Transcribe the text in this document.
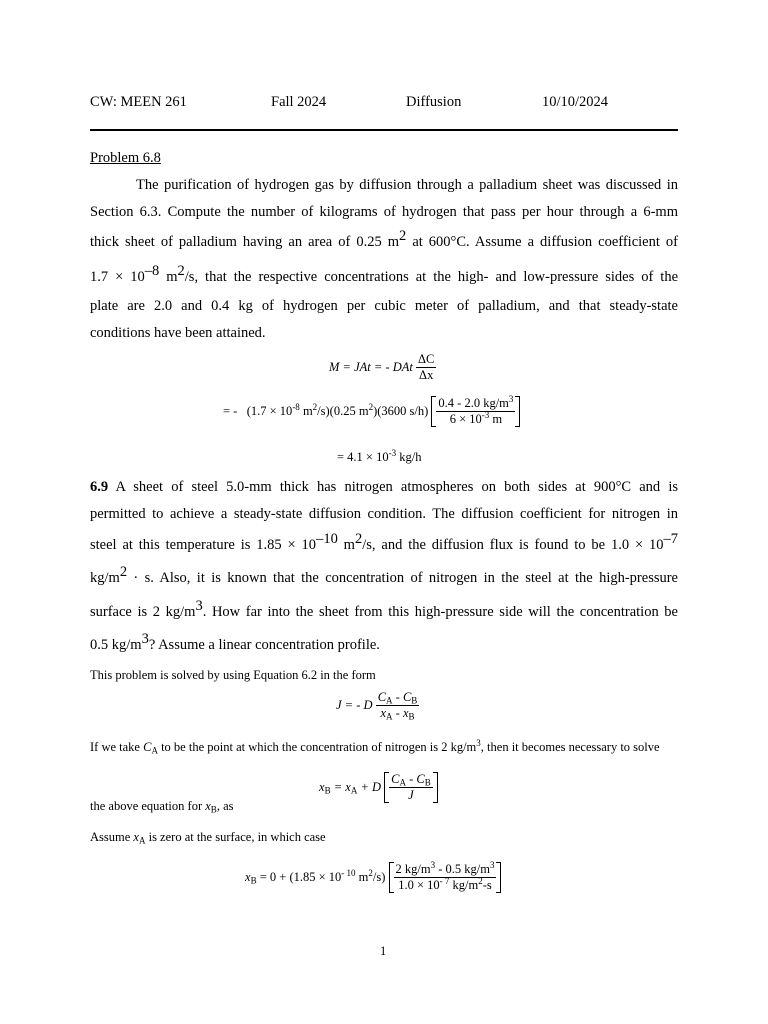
CW: MEEN 261	Fall 2024	Diffusion	10/10/2024
Problem 6.8
The purification of hydrogen gas by diffusion through a palladium sheet was discussed in
Section 6.3. Compute the number of kilograms of hydrogen that pass per hour through a 6-mm
thick sheet of palladium having an area of 0.25 $m^2$ at 600°C. Assume a diffusion coefficient of
$1.7 \times 10^{-8}$ $m^2/s$, that the respective concentrations at the high- and low-pressure sides of the
plate are 2.0 and 0.4 kg of hydrogen per cubic meter of palladium, and that steady-state
conditions have been attained.
M = JAt = - DAt $\frac{\Delta C}{\Delta x}$
= - ($1.7 \times 10^{-8}$ $m^2/s)(0.25$ $m^2)(3600$ $s/h) \frac{0.4 - 2.0 kg/m^3}{6 \times 10^{-3} m}$
= $4.1 \times 10^{-3}$ kg/h
6.9 A sheet of steel 5.0-mm thick has nitrogen atmospheres on both sides at 900°C and is
permitted to achieve a steady-state diffusion condition. The diffusion coefficient for nitrogen in
steel at this temperature is $1.85 \times 10^{-10}$ $m^2/s$, and the diffusion flux is found to be $1.0 \times 10^{-7}$
$kg/m^2 \cdot s$. Also, it is known that the concentration of nitrogen in the steel at the high-pressure
surface is 2 $kg/m^3$. How far into the sheet from this high-pressure side will the concentration be
0.5 $kg/m^3$? Assume a linear concentration profile.
This problem is solved by using Equation 6.2 in the form
J = - D $\frac{C_A - C_B}{x_A - x_B}$
If we take $C_A$ to be the point at which the concentration of nitrogen is 2 $kg/m^3$, then it becomes necessary to solve
$x_B = x_A + D \frac{C_A - C_B}{J}$
the above equation for $x_B$, as
Assume $x_A$ is zero at the surface, in which case
$x_B = 0 + (1.85 \times 10^{- 10}$ $m^2/s) \frac{2 kg/m^3 - 0.5 kg/m^3}{1.0 \times 10^{- 7} kg/m^2-s}$
1
